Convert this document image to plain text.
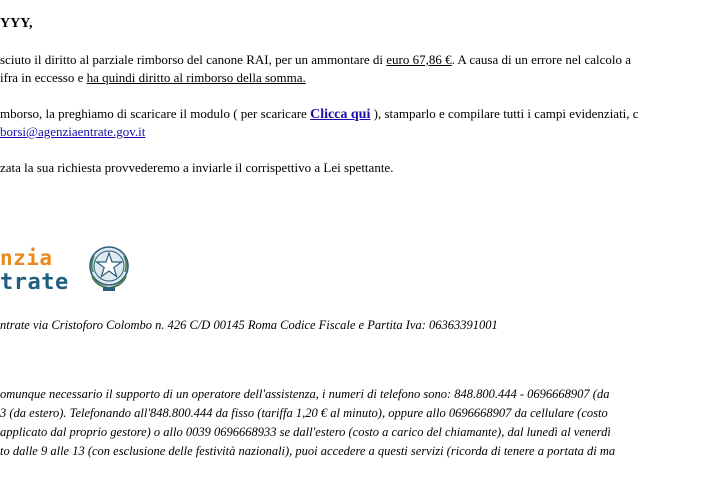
YYY,
sciuto il diritto al parziale rimborso del canone RAI, per un ammontare di euro 67,86 €. A causa di un errore nel calcolo a
ifra in eccesso e ha quindi diritto al rimborso della somma.
mborso, la preghiamo di scaricare il modulo ( per scaricare Clicca qui ), stamparlo e compilare tutti i campi evidenziati, c
borsi@agenziaentrate.gov.it
zata la sua richiesta provvederemo a inviarle il corrispettivo a Lei spettante.
nzia
trate
ntrate via Cristoforo Colombo n. 426 C/D 00145 Roma Codice Fiscale e Partita Iva: 06363391001
omunque necessario il supporto di un operatore dell'assistenza, i numeri di telefono sono: 848.800.444 - 0696668907 (da
3 (da estero). Telefonando all'848.800.444 da fisso (tariffa 1,20 € al minuto), oppure allo 0696668907 da cellulare (costo
applicato dal proprio gestore) o allo 0039 0696668933 se dall'estero (costo a carico del chiamante), dal lunedì al venerdì
to dalle 9 alle 13 (con esclusione delle festività nazionali), puoi accedere a questi servizi (ricorda di tenere a portata di ma
